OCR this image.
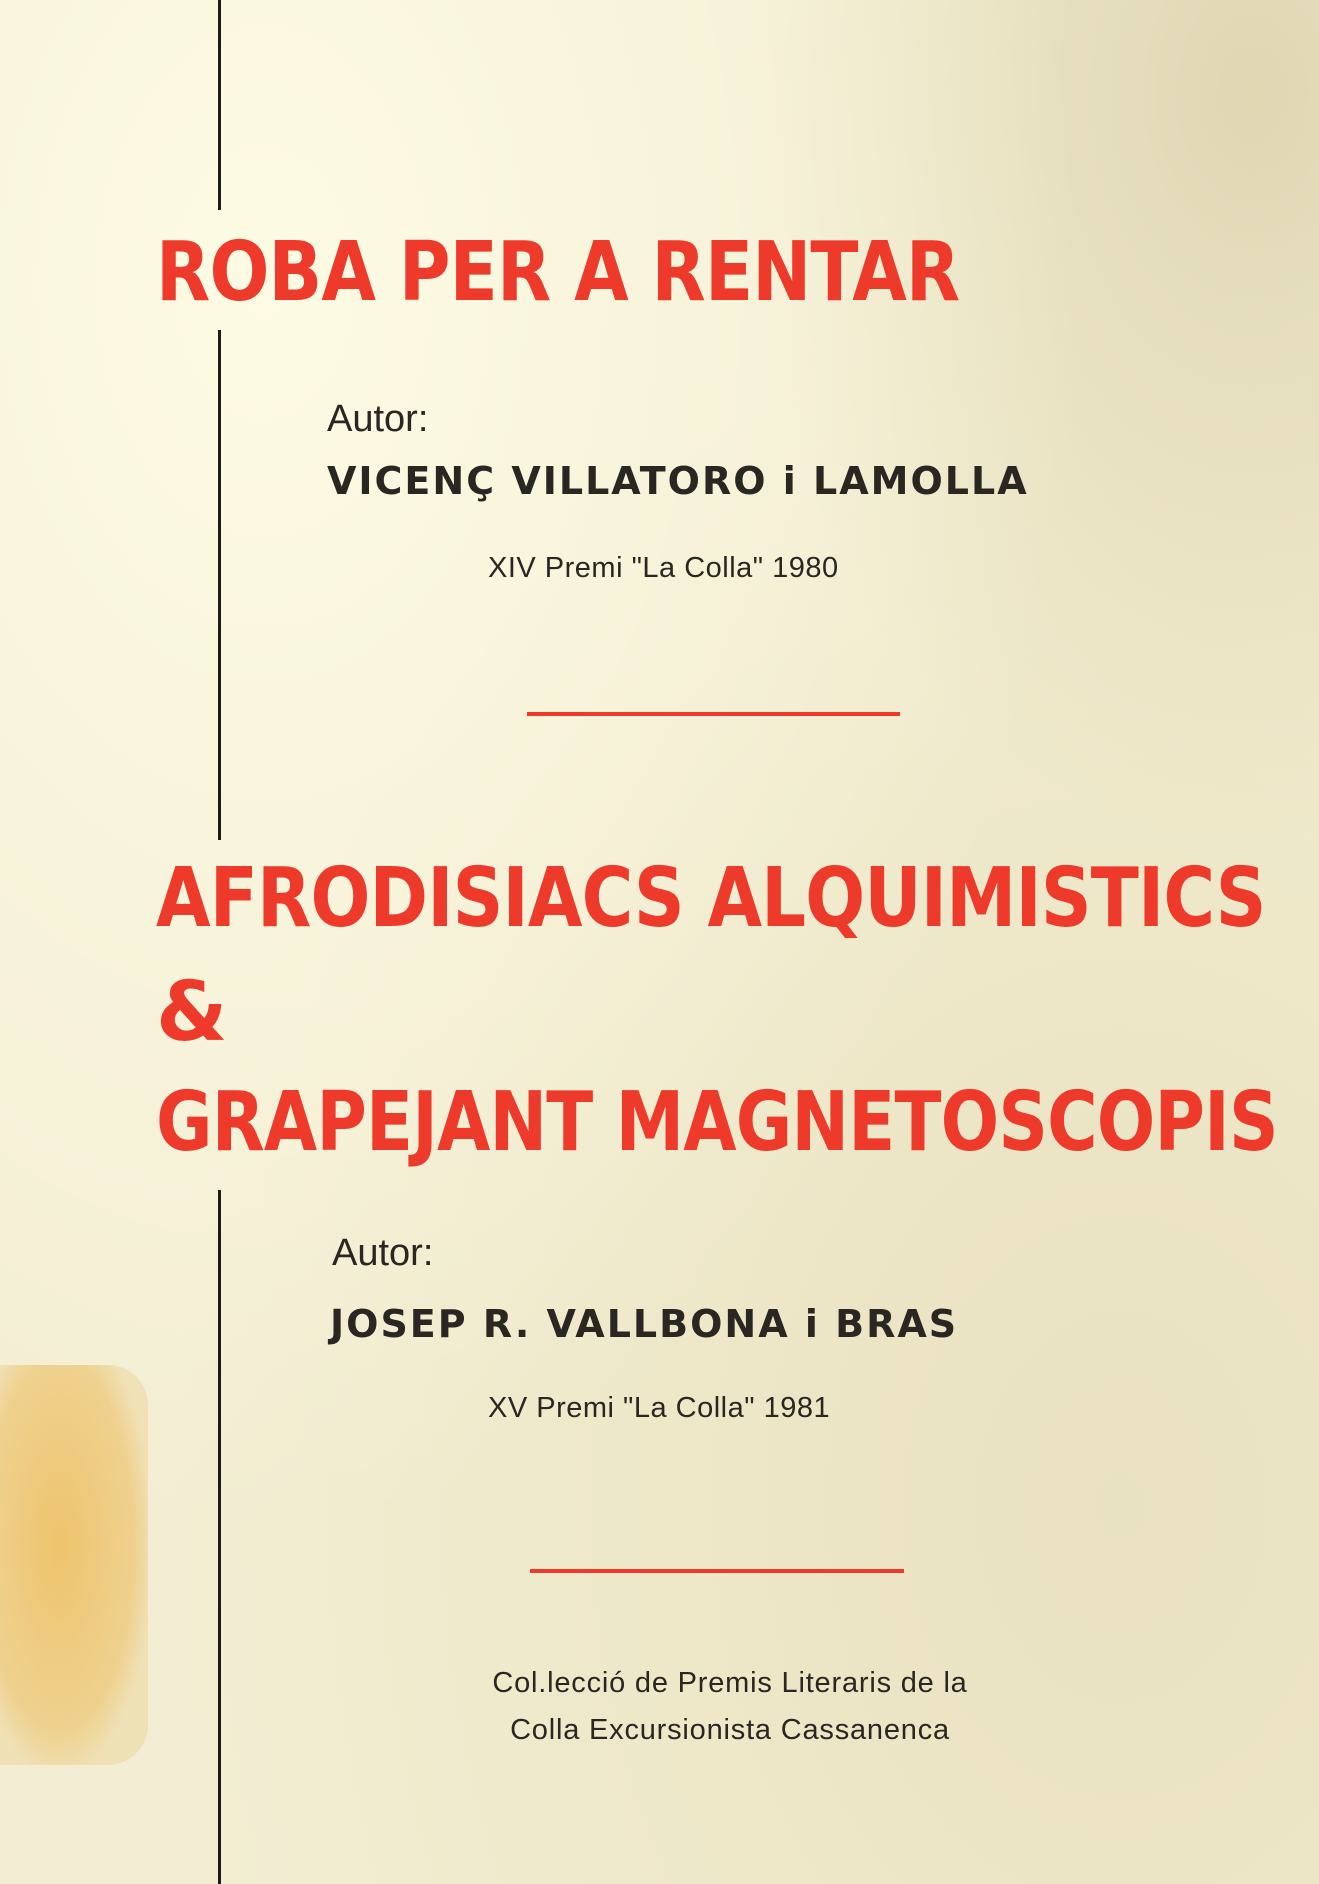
ROBA PER A RENTAR
Autor:
VICENÇ VILLATORO i LAMOLLA
XIV Premi "La Colla" 1980
AFRODISIACS ALQUIMISTICS
&
GRAPEJANT MAGNETOSCOPIS
Autor:
JOSEP R. VALLBONA i BRAS
XV Premi "La Colla" 1981
Col.lecció de Premis Literaris de la
Colla Excursionista Cassanenca
